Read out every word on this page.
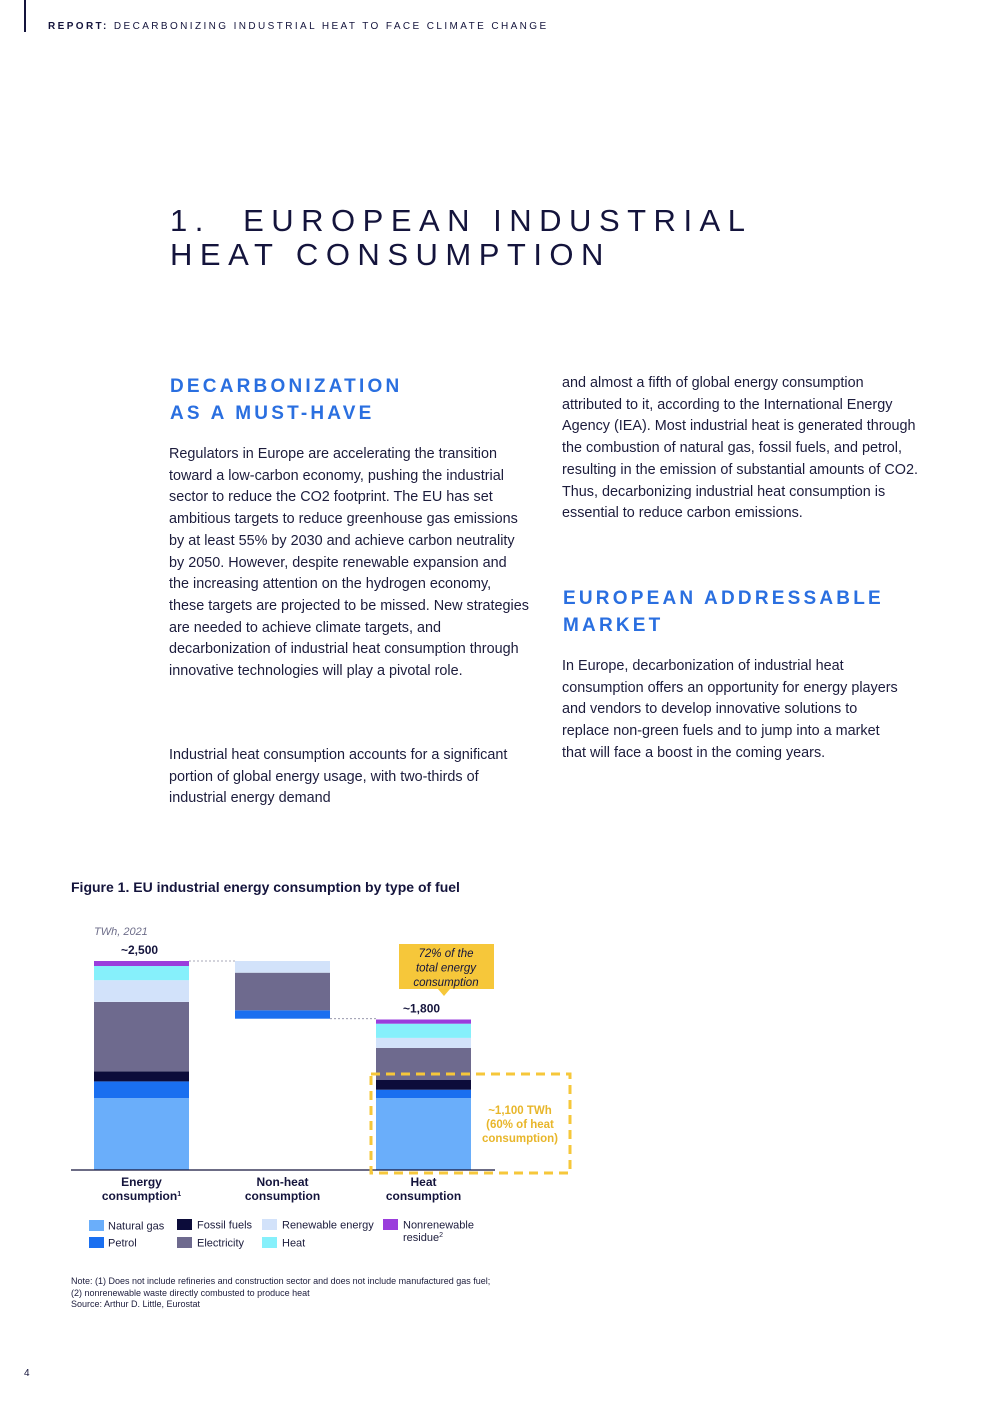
REPORT: DECARBONIZING INDUSTRIAL HEAT TO FACE CLIMATE CHANGE
1.  EUROPEAN INDUSTRIAL
HEAT CONSUMPTION
DECARBONIZATION
AS A MUST-HAVE

Regulators in Europe are accelerating the transition toward a low-carbon economy, pushing the industrial sector to reduce the CO2 footprint. The EU has set ambitious targets to reduce greenhouse gas emissions by at least 55% by 2030 and achieve carbon neutrality by 2050. However, despite renewable expansion and the increasing attention on the hydrogen economy, these targets are projected to be missed. New strategies are needed to achieve climate targets, and decarbonization of industrial heat consumption through innovative technologies will play a pivotal role.

Industrial heat consumption accounts for a significant portion of global energy usage, with two-thirds of industrial energy demand

and almost a fifth of global energy consumption attributed to it, according to the International Energy Agency (IEA). Most industrial heat is generated through the combustion of natural gas, fossil fuels, and petrol, resulting in the emission of substantial amounts of CO2. Thus, decarbonizing industrial heat consumption is essential to reduce carbon emissions.

EUROPEAN ADDRESSABLE
MARKET

In Europe, decarbonization of industrial heat consumption offers an opportunity for energy players and vendors to develop innovative solutions to replace non-green fuels and to jump into a market that will face a boost in the coming years.

Figure 1. EU industrial energy consumption by type of fuel
TWh, 2021
~2,500
~1,800
Energy
consumption$^1$
Non-heat
consumption
Heat
consumption
72% of the
total energy
consumption
~1,100 TWh
(60% of heat
consumption)
Natural gas
Petrol
Fossil fuels
Electricity
Renewable energy
Heat
Nonrenewable
residue$^2$
Note: (1) Does not include refineries and construction sector and does not include manufactured gas fuel;
(2) nonrenewable waste directly combusted to produce heat
Source: Arthur D. Little, Eurostat
4
